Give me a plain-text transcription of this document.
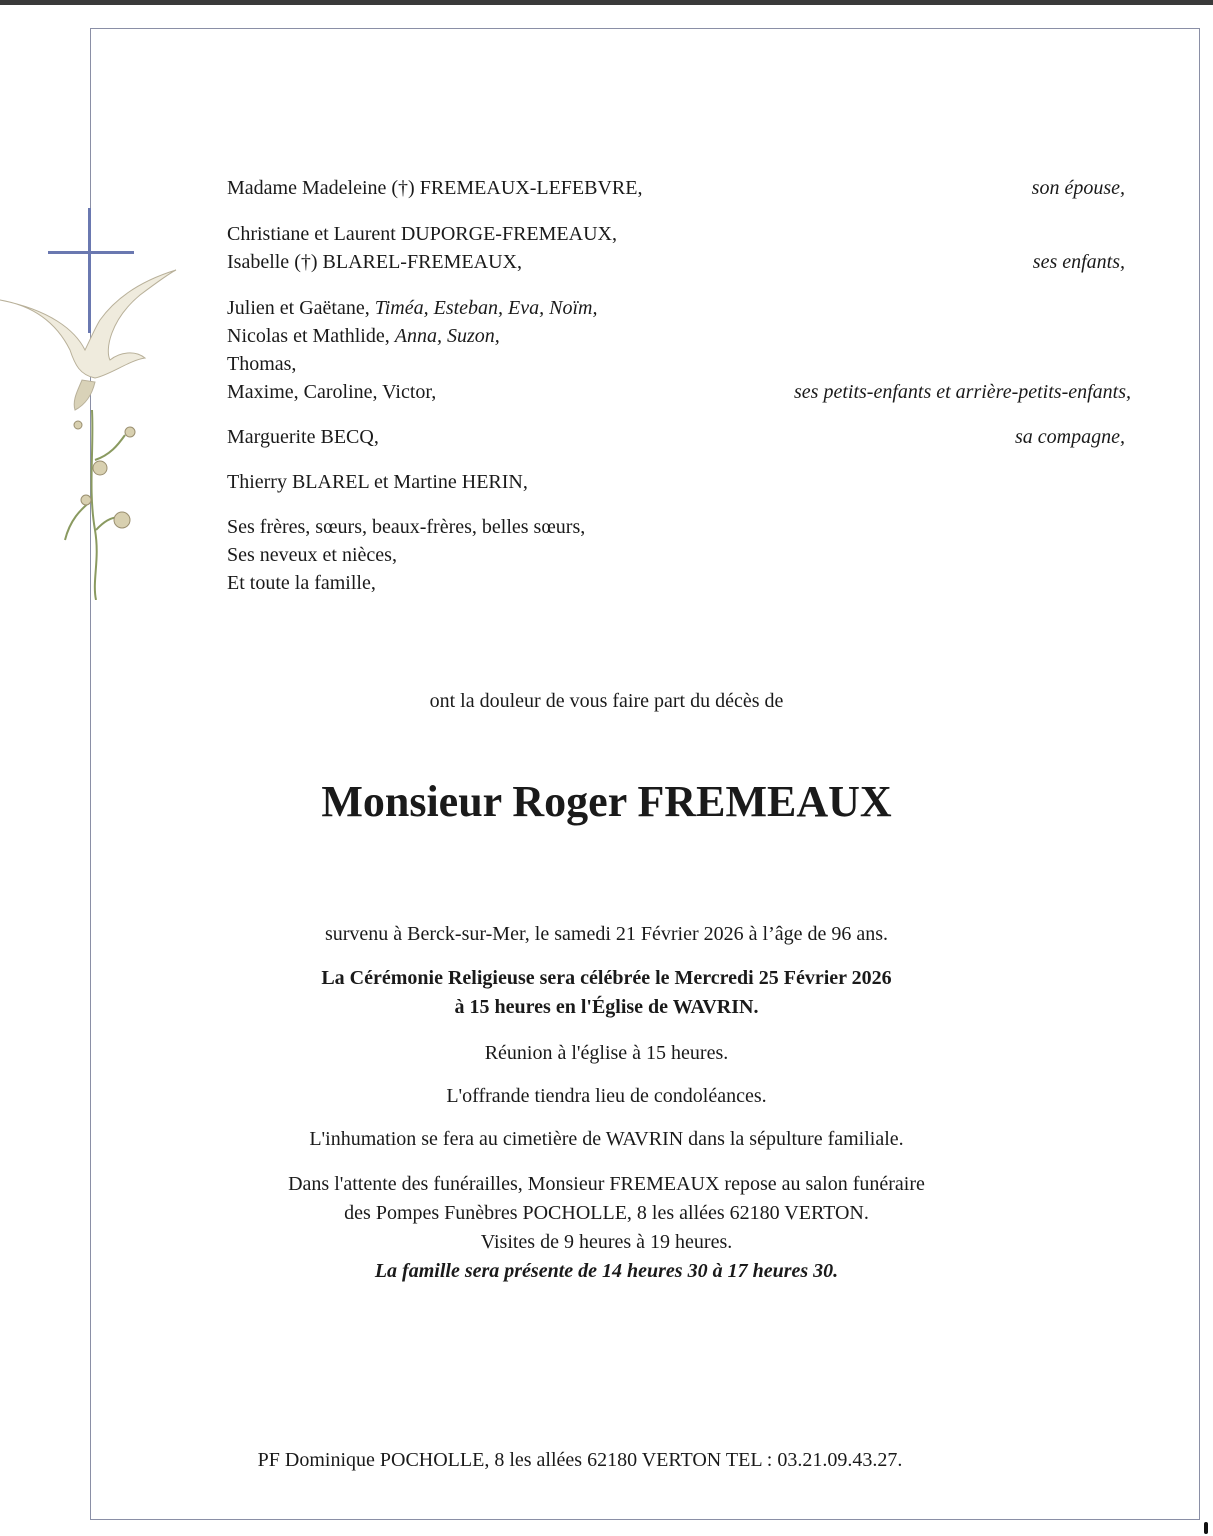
Madame Madeleine (†) FREMEAUX-LEFEBVRE,	son épouse,
Christiane et Laurent DUPORGE-FREMEAUX,
Isabelle (†) BLAREL-FREMEAUX,	ses enfants,
Julien et Gaëtane, Timéa, Esteban, Eva, Noïm,
Nicolas et Mathlide, Anna, Suzon,
Thomas,
Maxime, Caroline, Victor,	ses petits-enfants et arrière-petits-enfants,
Marguerite BECQ,	sa compagne,
Thierry BLAREL et Martine HERIN,
Ses frères, sœurs, beaux-frères, belles sœurs,
Ses neveux et nièces,
Et toute la famille,
ont la douleur de vous faire part du décès de
Monsieur Roger FREMEAUX
survenu à Berck-sur-Mer, le samedi 21 Février 2026 à l’âge de 96 ans.
La Cérémonie Religieuse sera célébrée le Mercredi 25 Février 2026
à 15 heures en l'Église de WAVRIN.
Réunion à l'église à 15 heures.
L'offrande tiendra lieu de condoléances.
L'inhumation se fera au cimetière de WAVRIN dans la sépulture familiale.
Dans l'attente des funérailles, Monsieur FREMEAUX repose au salon funéraire
des Pompes Funèbres POCHOLLE, 8 les allées 62180 VERTON.
Visites de 9 heures à 19 heures.
La famille sera présente de 14 heures 30 à 17 heures 30.
PF Dominique POCHOLLE, 8 les allées 62180 VERTON TEL : 03.21.09.43.27.
